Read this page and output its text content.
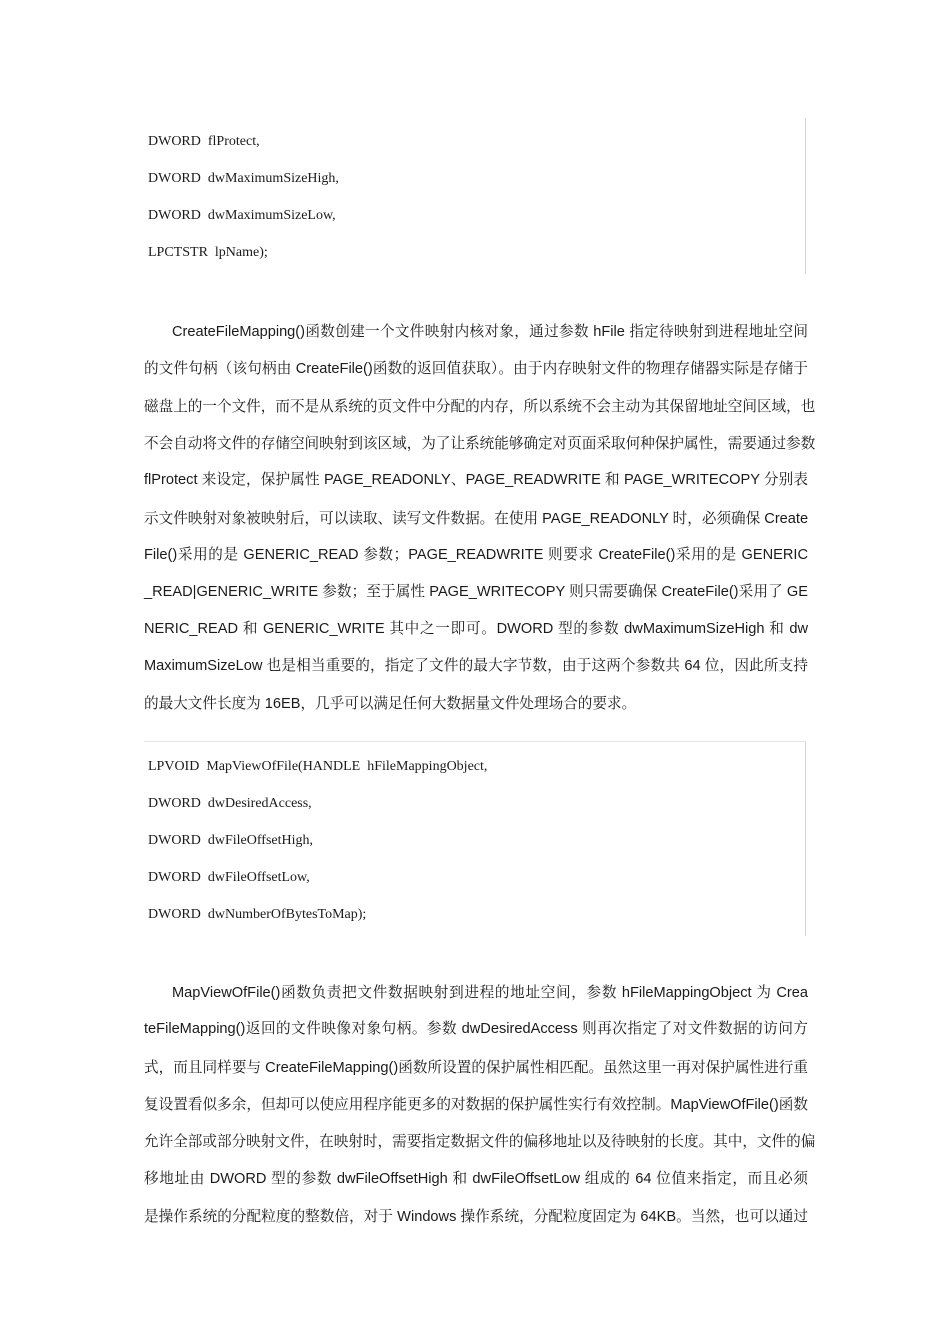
DWORD  flProtect,
DWORD  dwMaximumSizeHigh,
DWORD  dwMaximumSizeLow,
LPCTSTR  lpName);
CreateFileMapping()函数创建一个文件映射内核对象，通过参数 hFile 指定待映射到进程地址空间
的文件句柄（该句柄由 CreateFile()函数的返回值获取）。由于内存映射文件的物理存储器实际是存储于
磁盘上的一个文件，而不是从系统的页文件中分配的内存，所以系统不会主动为其保留地址空间区域，也
不会自动将文件的存储空间映射到该区域，为了让系统能够确定对页面采取何种保护属性，需要通过参数
flProtect 来设定，保护属性 PAGE_READONLY、PAGE_READWRITE 和 PAGE_WRITECOPY 分别表
示文件映射对象被映射后，可以读取、读写文件数据。在使用 PAGE_READONLY 时，必须确保 Create
File()采用的是 GENERIC_READ 参数；PAGE_READWRITE 则要求 CreateFile()采用的是 GENERIC
_READ|GENERIC_WRITE 参数；至于属性 PAGE_WRITECOPY 则只需要确保 CreateFile()采用了 GE
NERIC_READ 和 GENERIC_WRITE 其中之一即可。DWORD 型的参数 dwMaximumSizeHigh 和 dw
MaximumSizeLow 也是相当重要的，指定了文件的最大字节数，由于这两个参数共 64 位，因此所支持
的最大文件长度为 16EB，几乎可以满足任何大数据量文件处理场合的要求。
LPVOID  MapViewOfFile(HANDLE  hFileMappingObject,
DWORD  dwDesiredAccess,
DWORD  dwFileOffsetHigh,
DWORD  dwFileOffsetLow,
DWORD  dwNumberOfBytesToMap);
MapViewOfFile()函数负责把文件数据映射到进程的地址空间，参数 hFileMappingObject 为 Crea
teFileMapping()返回的文件映像对象句柄。参数 dwDesiredAccess 则再次指定了对文件数据的访问方
式，而且同样要与 CreateFileMapping()函数所设置的保护属性相匹配。虽然这里一再对保护属性进行重
复设置看似多余，但却可以使应用程序能更多的对数据的保护属性实行有效控制。MapViewOfFile()函数
允许全部或部分映射文件，在映射时，需要指定数据文件的偏移地址以及待映射的长度。其中，文件的偏
移地址由 DWORD 型的参数 dwFileOffsetHigh 和 dwFileOffsetLow 组成的 64 位值来指定，而且必须
是操作系统的分配粒度的整数倍，对于 Windows 操作系统，分配粒度固定为 64KB。当然，也可以通过
